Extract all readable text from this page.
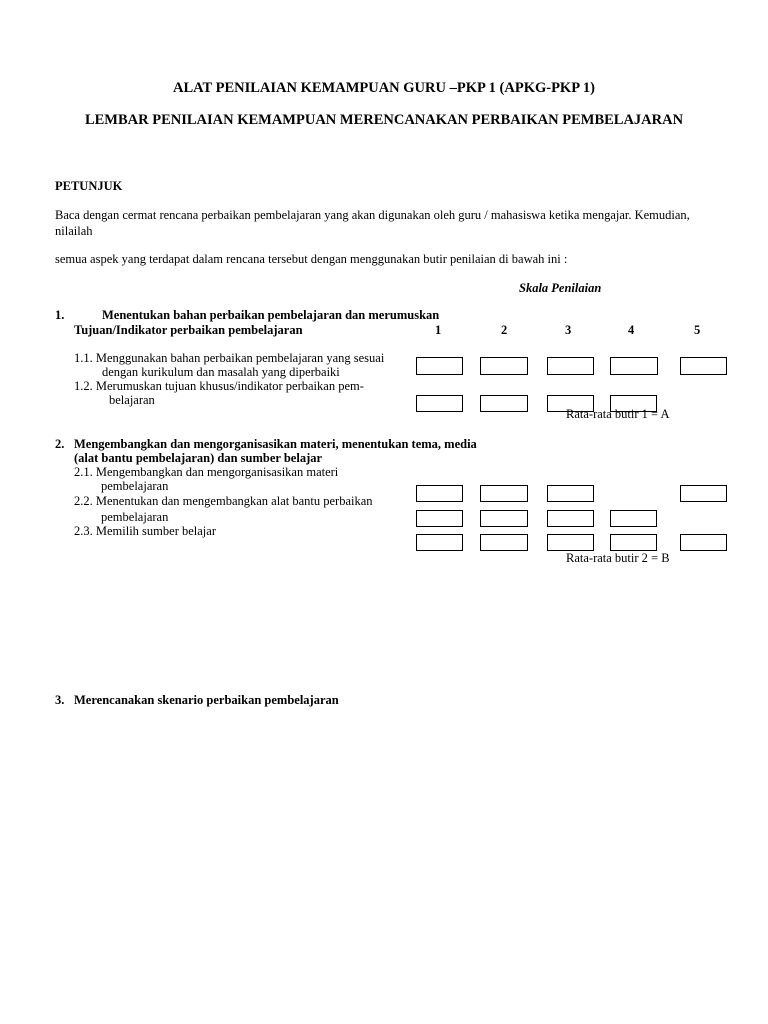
ALAT PENILAIAN KEMAMPUAN GURU –PKP 1 (APKG-PKP 1)
LEMBAR PENILAIAN KEMAMPUAN MERENCANAKAN PERBAIKAN PEMBELAJARAN
PETUNJUK
Baca dengan cermat rencana perbaikan pembelajaran yang akan digunakan oleh guru / mahasiswa ketika mengajar. Kemudian,
nilailah
semua aspek yang terdapat dalam rencana tersebut dengan menggunakan butir penilaian di bawah ini :
Skala Penilaian
1	2	3	4	5
1.	Menentukan bahan perbaikan pembelajaran dan merumuskan
Tujuan/Indikator perbaikan pembelajaran
1.1. Menggunakan bahan perbaikan pembelajaran yang sesuai
dengan kurikulum dan masalah yang diperbaiki
1.2. Merumuskan tujuan khusus/indikator perbaikan pem-
belajaran
Rata-rata butir 1 = A
2. Mengembangkan dan mengorganisasikan materi, menentukan tema, media
(alat bantu pembelajaran) dan sumber belajar
2.1. Mengembangkan dan mengorganisasikan materi
pembelajaran
2.2. Menentukan dan mengembangkan alat bantu perbaikan
pembelajaran
2.3. Memilih sumber belajar
Rata-rata butir 2 = B
3. Merencanakan skenario perbaikan pembelajaran
